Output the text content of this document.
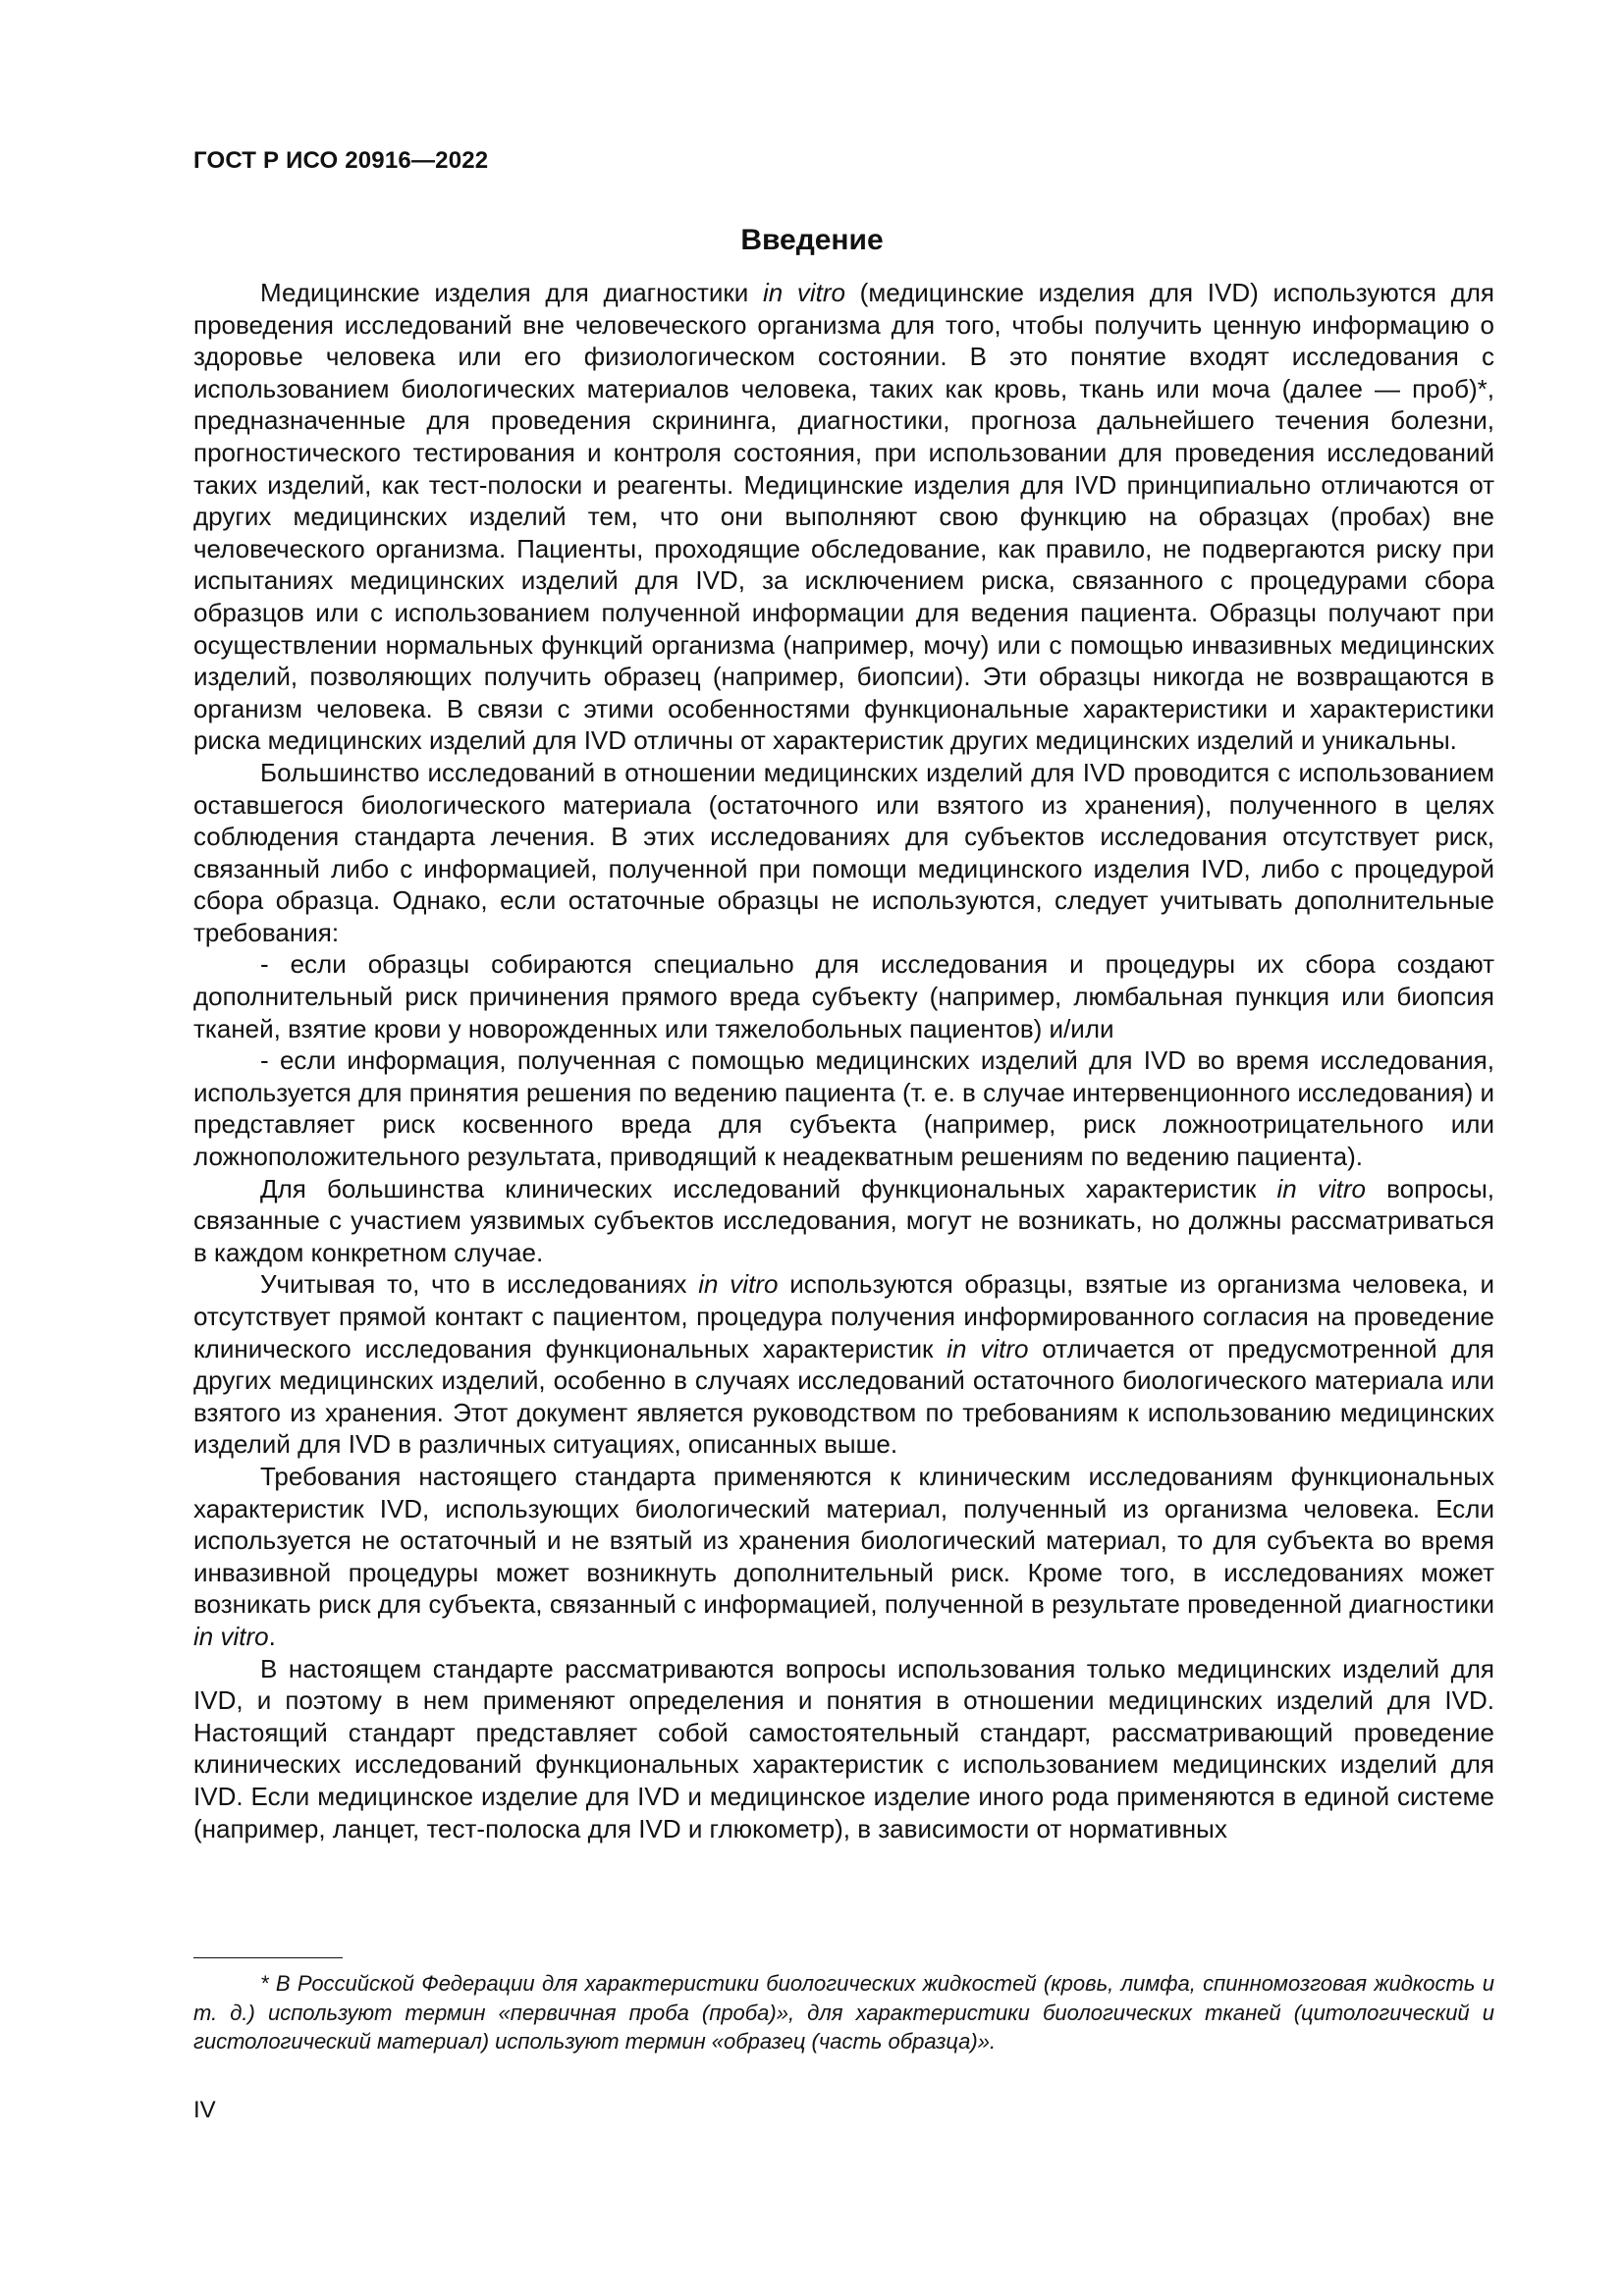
ГОСТ Р ИСО 20916—2022
Введение

Медицинские изделия для диагностики in vitro (медицинские изделия для IVD) используются для проведения исследований вне человеческого организма для того, чтобы получить ценную информацию о здоровье человека или его физиологическом состоянии. В это понятие входят исследования с использованием биологических материалов человека, таких как кровь, ткань или моча (далее — проб)*, предназначенные для проведения скрининга, диагностики, прогноза дальнейшего течения болезни, прогностического тестирования и контроля состояния, при использовании для проведения исследований таких изделий, как тест-полоски и реагенты. Медицинские изделия для IVD принципиально отличаются от других медицинских изделий тем, что они выполняют свою функцию на образцах (пробах) вне человеческого организма. Пациенты, проходящие обследование, как правило, не подвергаются риску при испытаниях медицинских изделий для IVD, за исключением риска, связанного с процедурами сбора образцов или с использованием полученной информации для ведения пациента. Образцы получают при осуществлении нормальных функций организма (например, мочу) или с помощью инвазивных медицинских изделий, позволяющих получить образец (например, биопсии). Эти образцы никогда не возвращаются в организм человека. В связи с этими особенностями функциональные характеристики и характеристики риска медицинских изделий для IVD отличны от характеристик других медицинских изделий и уникальны.

Большинство исследований в отношении медицинских изделий для IVD проводится с использованием оставшегося биологического материала (остаточного или взятого из хранения), полученного в целях соблюдения стандарта лечения. В этих исследованиях для субъектов исследования отсутствует риск, связанный либо с информацией, полученной при помощи медицинского изделия IVD, либо с процедурой сбора образца. Однако, если остаточные образцы не используются, следует учитывать дополнительные требования:

- если образцы собираются специально для исследования и процедуры их сбора создают дополнительный риск причинения прямого вреда субъекту (например, люмбальная пункция или биопсия тканей, взятие крови у новорожденных или тяжелобольных пациентов) и/или

- если информация, полученная с помощью медицинских изделий для IVD во время исследования, используется для принятия решения по ведению пациента (т. е. в случае интервенционного исследования) и представляет риск косвенного вреда для субъекта (например, риск ложноотрицательного или ложноположительного результата, приводящий к неадекватным решениям по ведению пациента).

Для большинства клинических исследований функциональных характеристик in vitro вопросы, связанные с участием уязвимых субъектов исследования, могут не возникать, но должны рассматриваться в каждом конкретном случае.

Учитывая то, что в исследованиях in vitro используются образцы, взятые из организма человека, и отсутствует прямой контакт с пациентом, процедура получения информированного согласия на проведение клинического исследования функциональных характеристик in vitro отличается от предусмотренной для других медицинских изделий, особенно в случаях исследований остаточного биологического материала или взятого из хранения. Этот документ является руководством по требованиям к использованию медицинских изделий для IVD в различных ситуациях, описанных выше.

Требования настоящего стандарта применяются к клиническим исследованиям функциональных характеристик IVD, использующих биологический материал, полученный из организма человека. Если используется не остаточный и не взятый из хранения биологический материал, то для субъекта во время инвазивной процедуры может возникнуть дополнительный риск. Кроме того, в исследованиях может возникать риск для субъекта, связанный с информацией, полученной в результате проведенной диагностики in vitro.

В настоящем стандарте рассматриваются вопросы использования только медицинских изделий для IVD, и поэтому в нем применяют определения и понятия в отношении медицинских изделий для IVD. Настоящий стандарт представляет собой самостоятельный стандарт, рассматривающий проведение клинических исследований функциональных характеристик с использованием медицинских изделий для IVD. Если медицинское изделие для IVD и медицинское изделие иного рода применяются в единой системе (например, ланцет, тест-полоска для IVD и глюкометр), в зависимости от нормативных

* В Российской Федерации для характеристики биологических жидкостей (кровь, лимфа, спинномозговая жидкость и т. д.) используют термин «первичная проба (проба)», для характеристики биологических тканей (цитологический и гистологический материал) используют термин «образец (часть образца)».
IV
